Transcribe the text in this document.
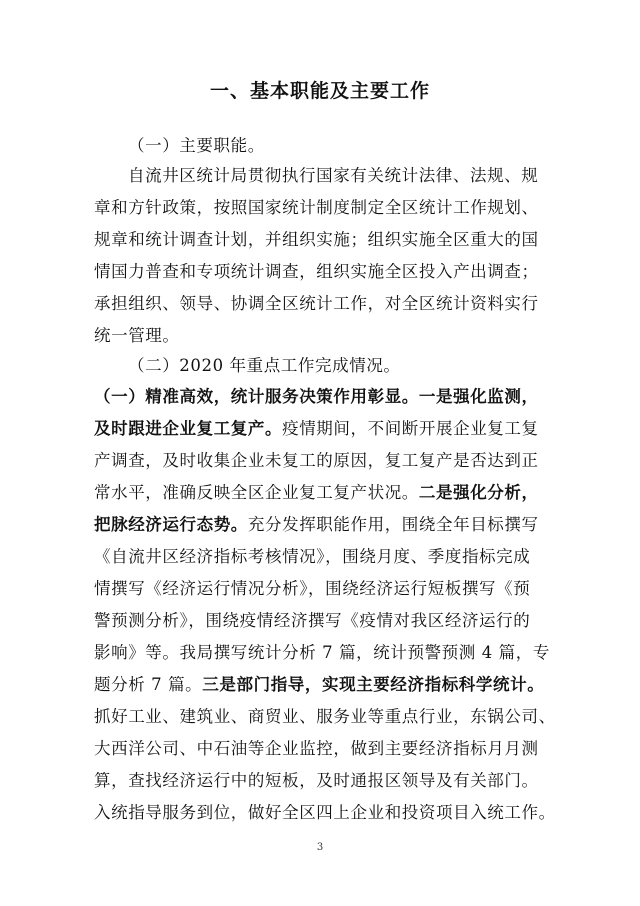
一、基本职能及主要工作
（一）主要职能。
自流井区统计局贯彻执行国家有关统计法律、法规、规
章和方针政策，按照国家统计制度制定全区统计工作规划、
规章和统计调查计划，并组织实施；组织实施全区重大的国
情国力普查和专项统计调查，组织实施全区投入产出调查；
承担组织、领导、协调全区统计工作，对全区统计资料实行
统一管理。
（二）2020 年重点工作完成情况。
（一）精准高效，统计服务决策作用彰显。一是强化监测，
及时跟进企业复工复产。疫情期间，不间断开展企业复工复
产调查，及时收集企业未复工的原因，复工复产是否达到正
常水平，准确反映全区企业复工复产状况。二是强化分析，
把脉经济运行态势。充分发挥职能作用，围绕全年目标撰写
《自流井区经济指标考核情况》，围绕月度、季度指标完成
情撰写《经济运行情况分析》，围绕经济运行短板撰写《预
警预测分析》，围绕疫情经济撰写《疫情对我区经济运行的
影响》等。我局撰写统计分析 7 篇，统计预警预测 4 篇，专
题分析 7 篇。三是部门指导，实现主要经济指标科学统计。
抓好工业、建筑业、商贸业、服务业等重点行业，东锅公司、
大西洋公司、中石油等企业监控，做到主要经济指标月月测
算，查找经济运行中的短板，及时通报区领导及有关部门。
入统指导服务到位，做好全区四上企业和投资项目入统工作。
3
